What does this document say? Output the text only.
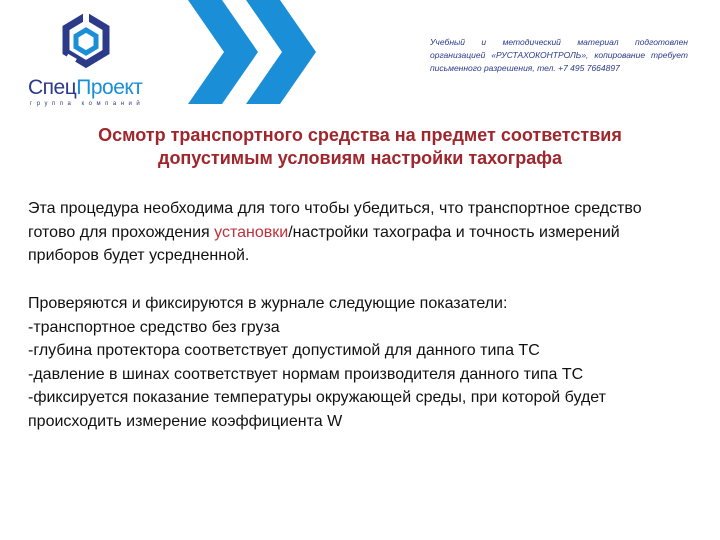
СпецПроект
группа компаний
Учебный и методический материал подготовлен организацией «РУСТАХОКОНТРОЛЬ», копирование требует письменного разрешения, тел. +7 495 7664897
Осмотр транспортного средства на предмет соответствия
допустимым условиям настройки тахографа
Эта процедура необходима для того чтобы убедиться, что транспортное средство готово для прохождения установки/настройки тахографа и точность измерений приборов будет усредненной.
Проверяются и фиксируются в журнале следующие показатели:
-транспортное средство без груза
-глубина протектора соответствует допустимой для данного типа ТС
-давление в шинах соответствует нормам производителя данного типа ТС
-фиксируется показание температуры окружающей среды, при которой будет происходить измерение коэффициента W
